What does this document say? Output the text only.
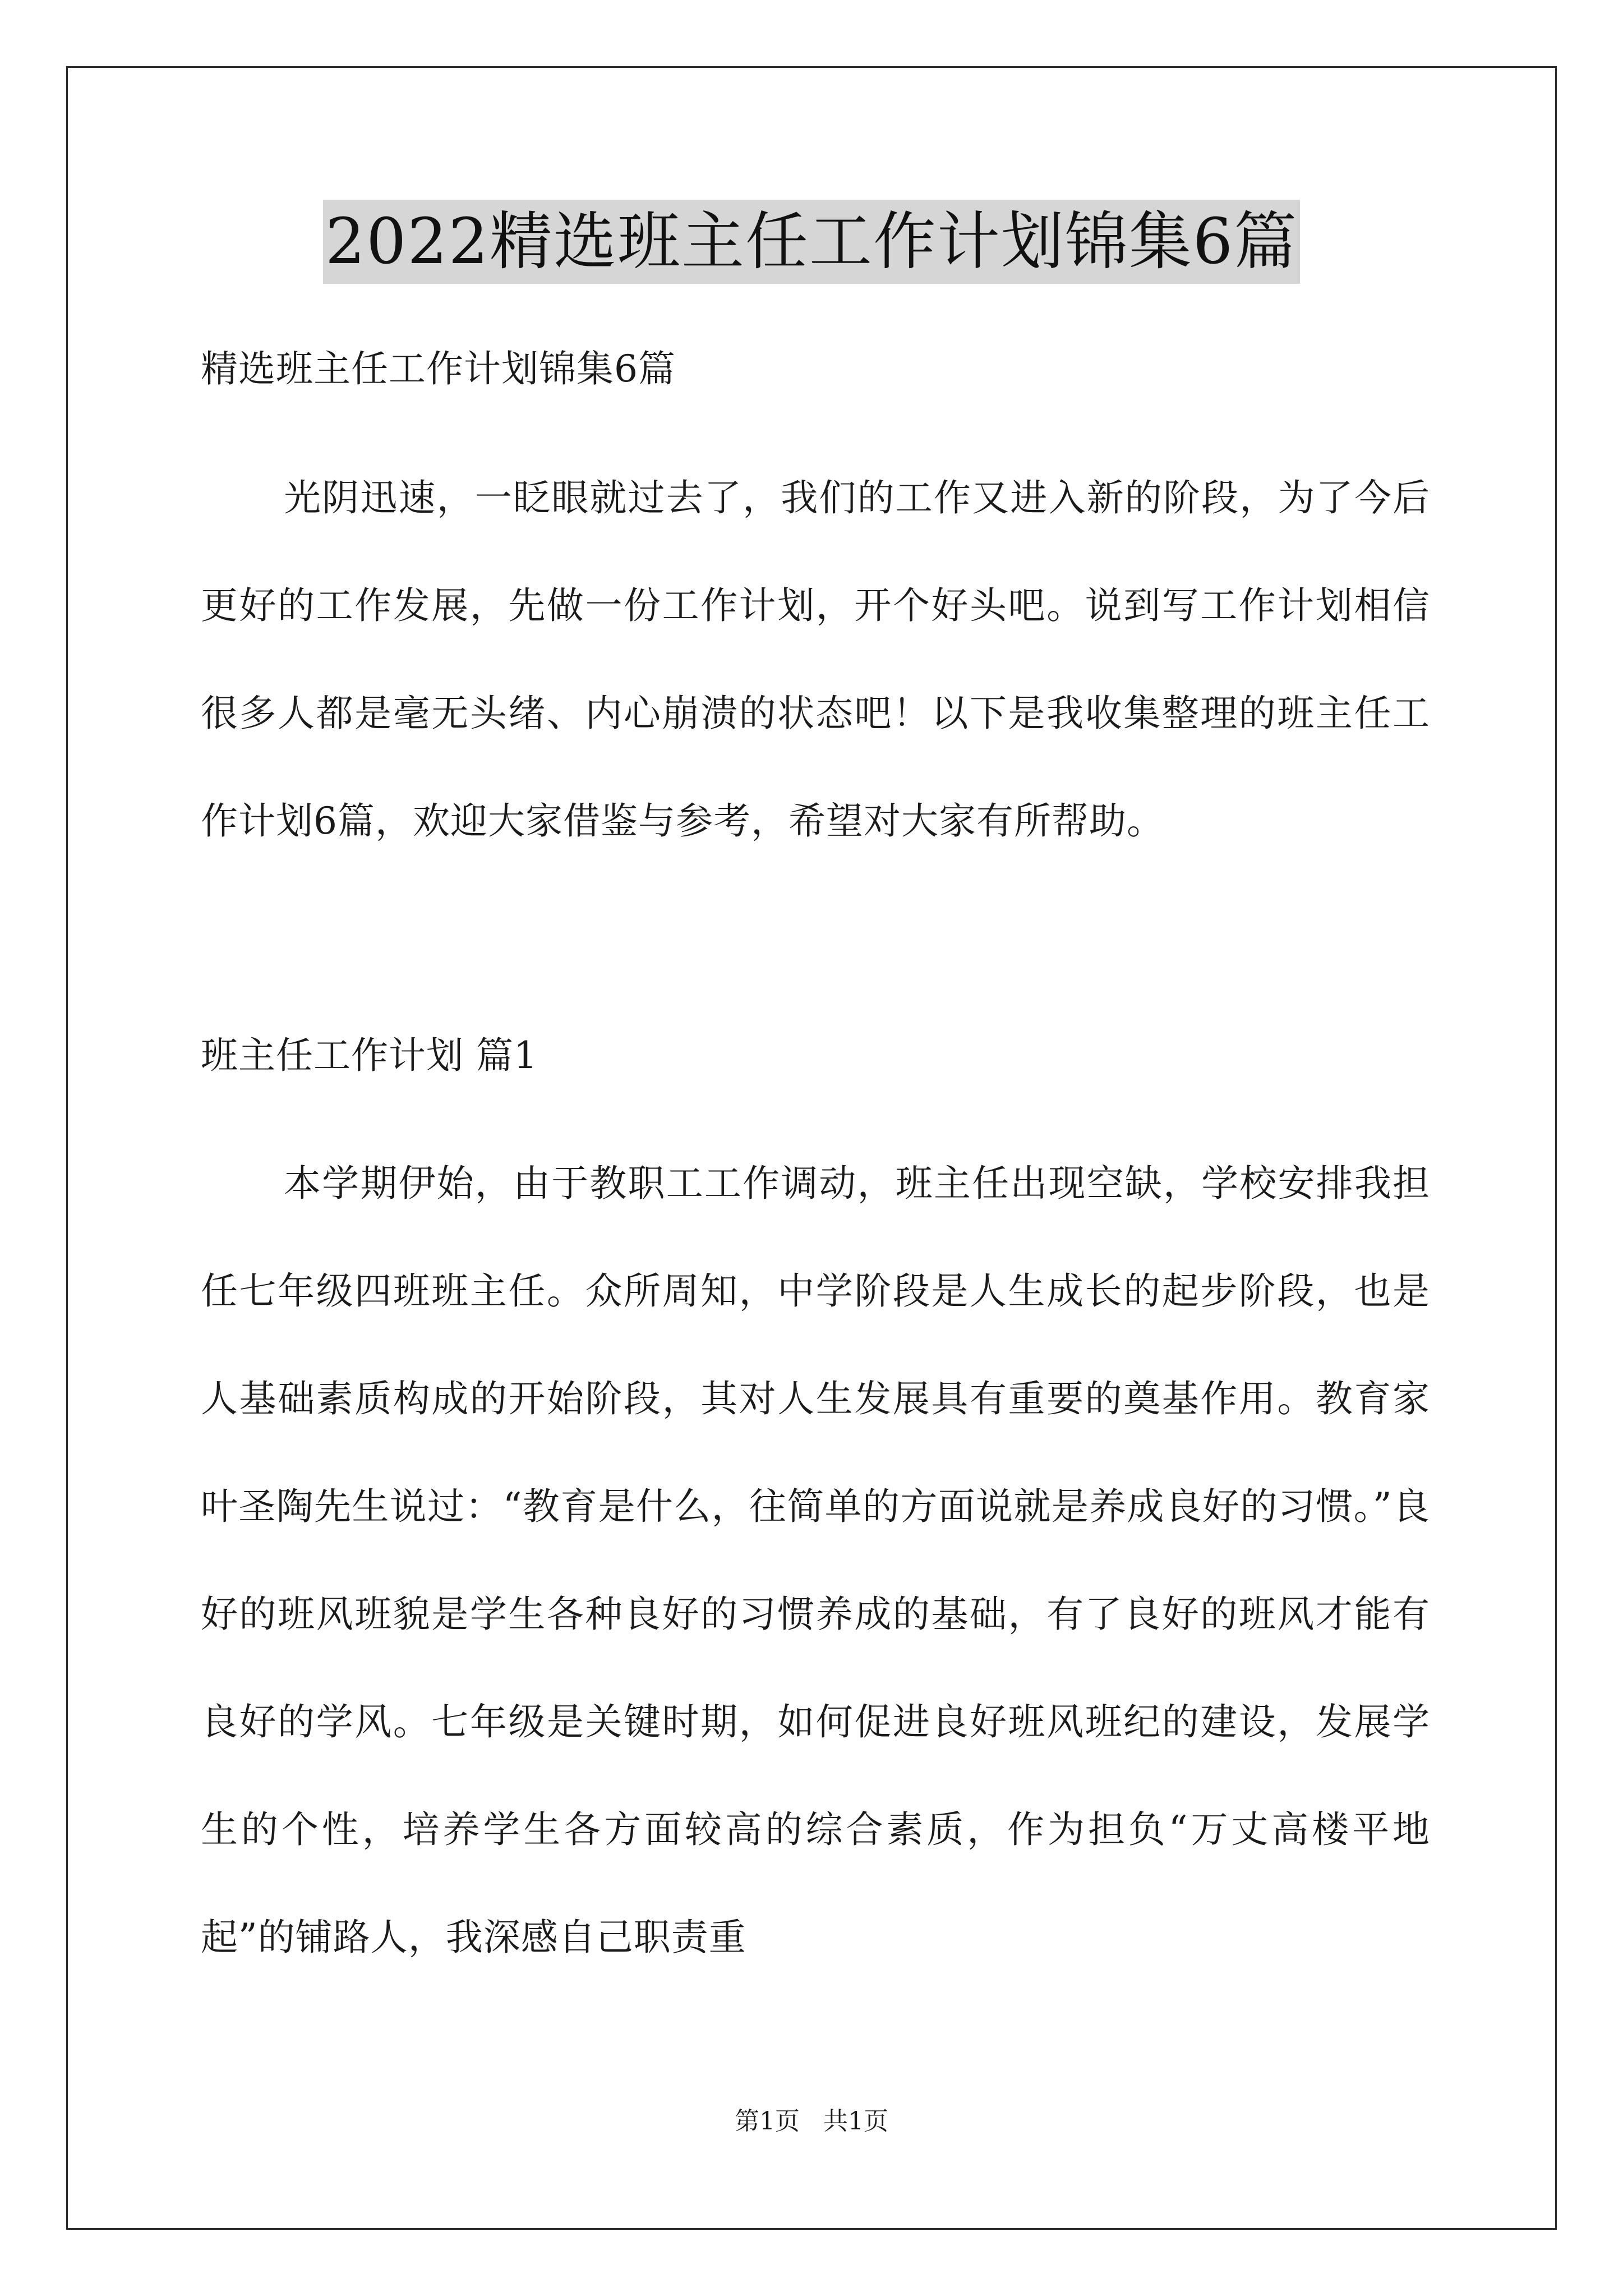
2022精选班主任工作计划锦集6篇
精选班主任工作计划锦集6篇

光阴迅速，一眨眼就过去了，我们的工作又进入新的阶段，为了今后更好的工作发展，先做一份工作计划，开个好头吧。说到写工作计划相信很多人都是毫无头绪、内心崩溃的状态吧！以下是我收集整理的班主任工作计划6篇，欢迎大家借鉴与参考，希望对大家有所帮助。

班主任工作计划 篇1

本学期伊始，由于教职工工作调动，班主任出现空缺，学校安排我担任七年级四班班主任。众所周知，中学阶段是人生成长的起步阶段，也是人基础素质构成的开始阶段，其对人生发展具有重要的奠基作用。教育家叶圣陶先生说过：“教育是什么，往简单的方面说就是养成良好的习惯。”良好的班风班貌是学生各种良好的习惯养成的基础，有了良好的班风才能有良好的学风。七年级是关键时期，如何促进良好班风班纪的建设，发展学生的个性，培养学生各方面较高的综合素质，作为担负“万丈高楼平地起”的铺路人，我深感自己职责重

第1页 共1页
